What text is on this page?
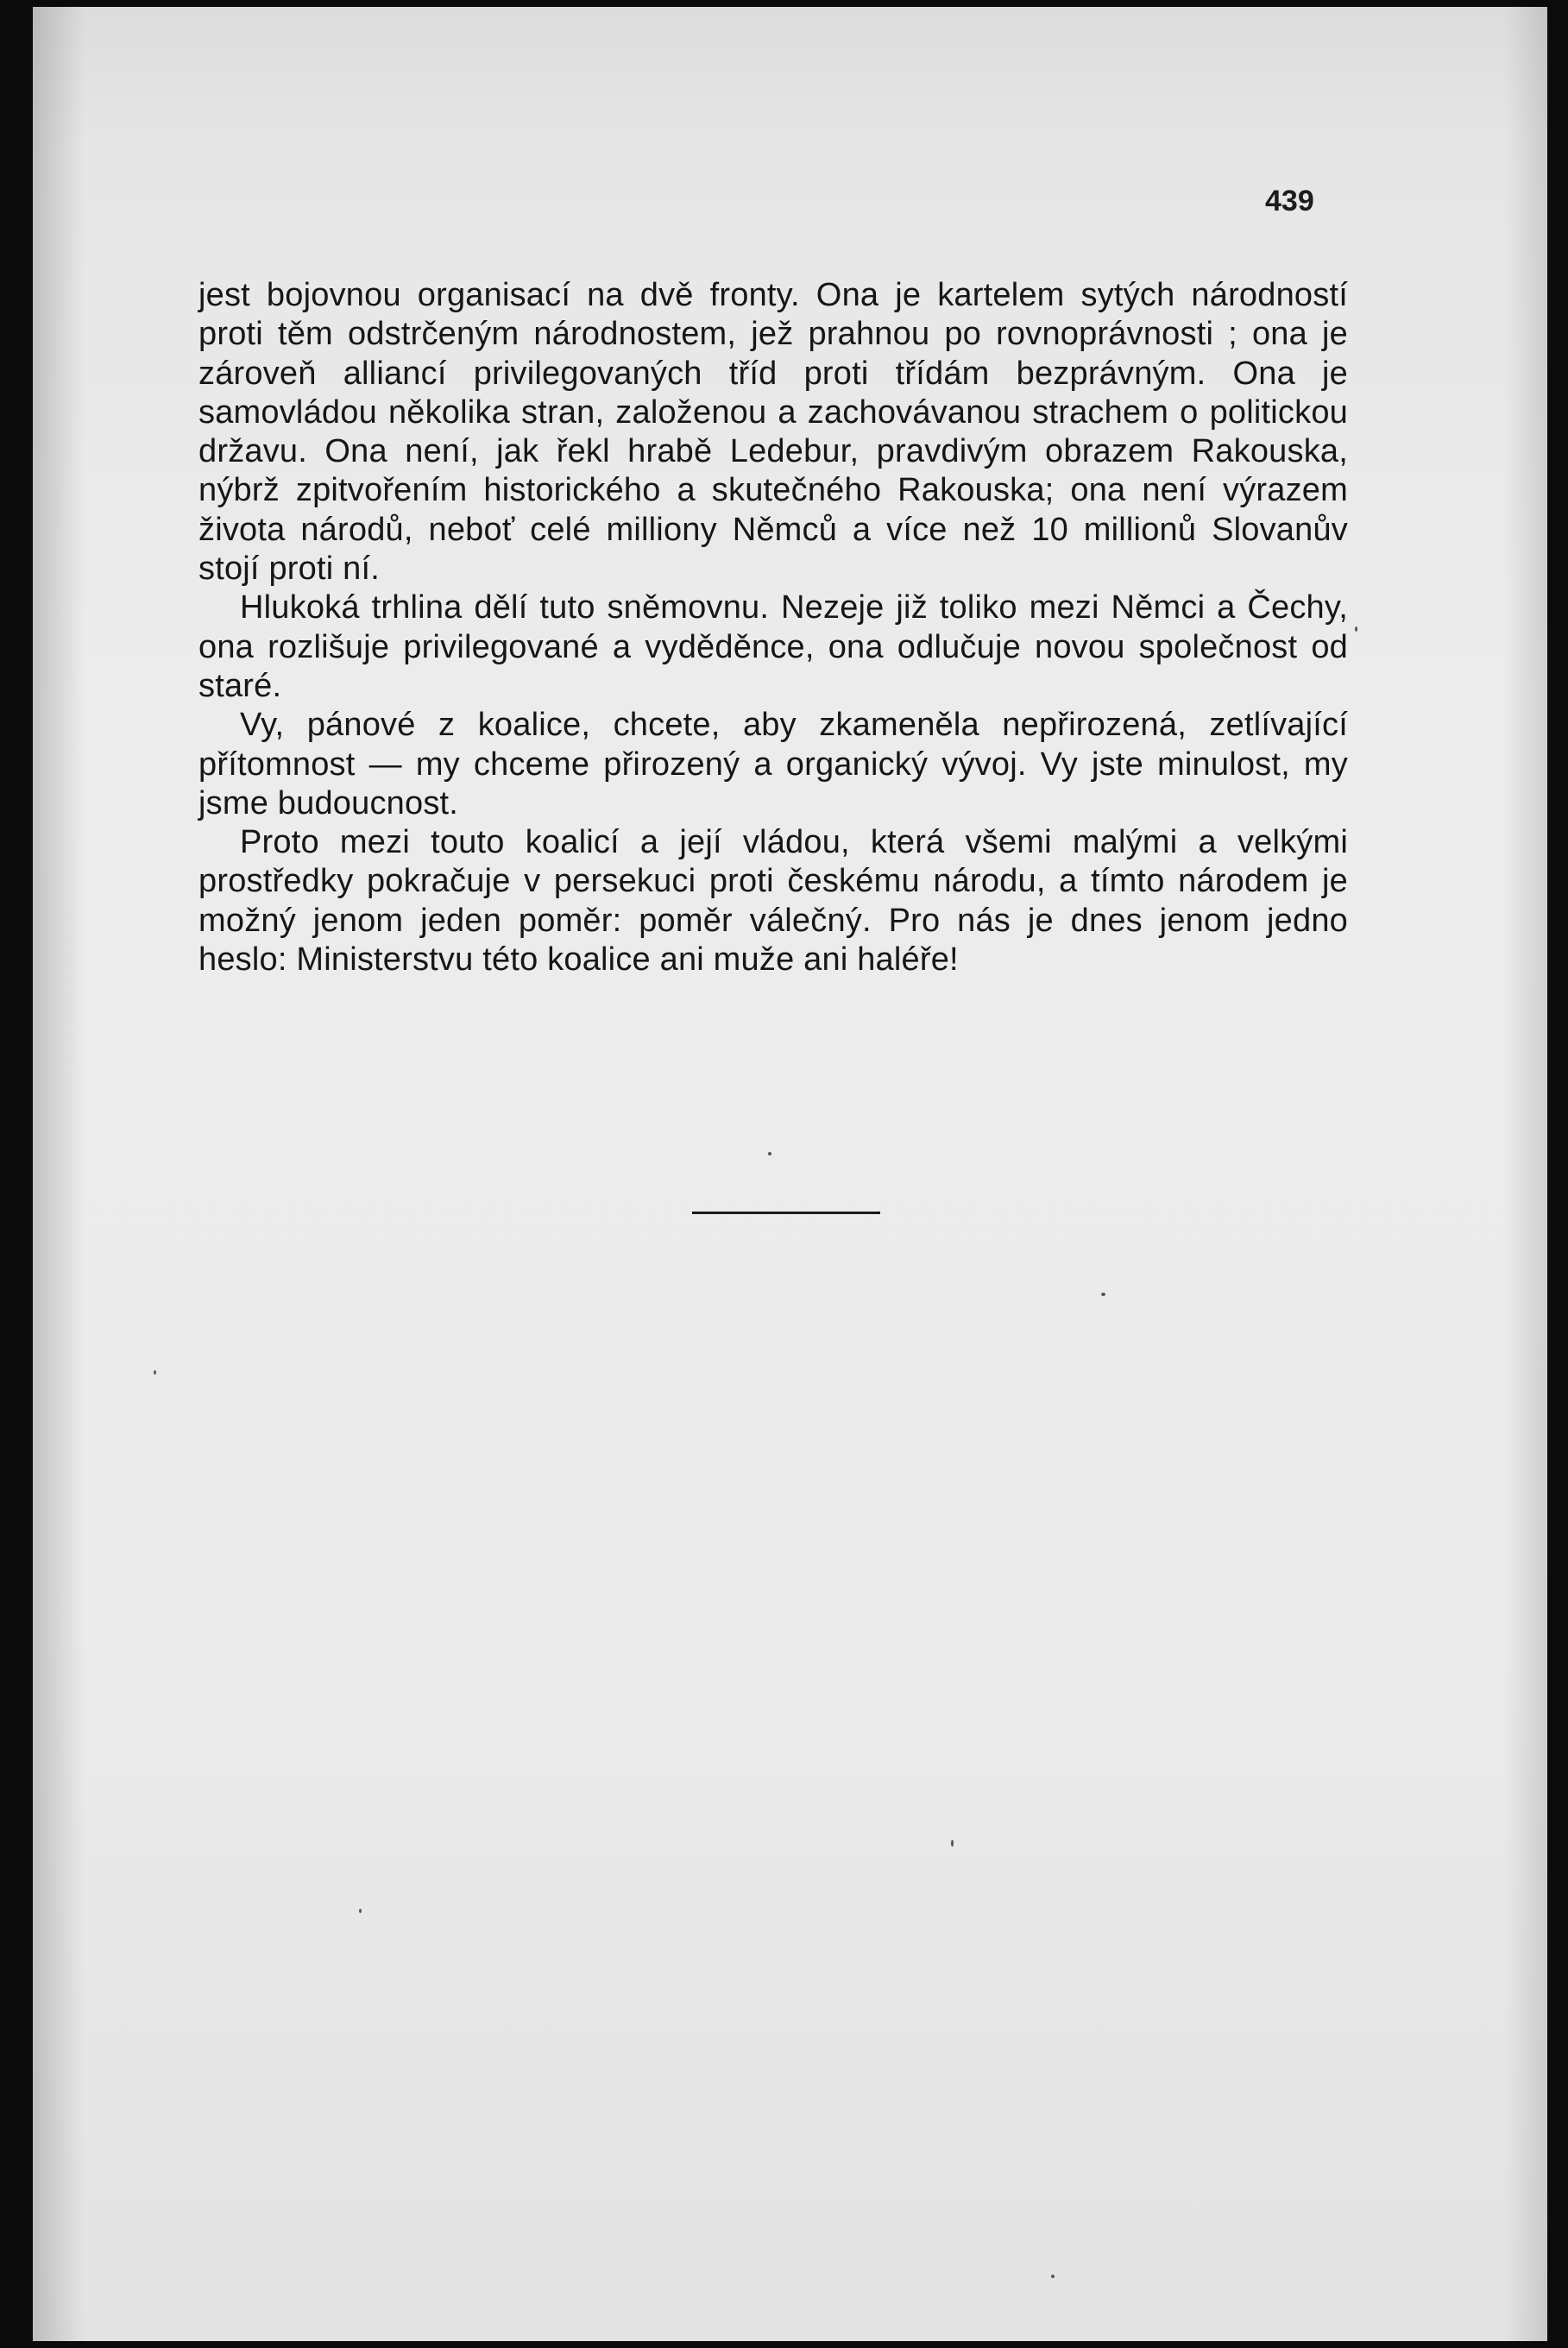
439

jest bojovnou organisací na dvě fronty. Ona je kartelem sytých národností proti těm odstrčeným národnostem, jež prahnou po rovnoprávnosti ; ona je zároveň alliancí privilegovaných tříd proti třídám bezprávným. Ona je samovládou několika stran, založenou a zachovávanou strachem o politickou državu. Ona není, jak řekl hrabě Ledebur, pravdivým obrazem Rakouska, nýbrž zpitvořením historického a skutečného Rakouska; ona není výrazem života národů, neboť celé milliony Němců a více než 10 millionů Slovanův stojí proti ní.

Hlukoká trhlina dělí tuto sněmovnu. Nezeje již toliko mezi Němci a Čechy, ona rozlišuje privilegované a vyděděnce, ona odlučuje novou společnost od staré.

Vy, pánové z koalice, chcete, aby zkameněla nepřirozená, zetlívající přítomnost — my chceme přirozený a organický vývoj. Vy jste minulost, my jsme budoucnost.

Proto mezi touto koalicí a její vládou, která všemi malými a velkými prostředky pokračuje v persekuci proti českému národu, a tímto národem je možný jenom jeden poměr: poměr válečný. Pro nás je dnes jenom jedno heslo: Ministerstvu této koalice ani muže ani haléře!
